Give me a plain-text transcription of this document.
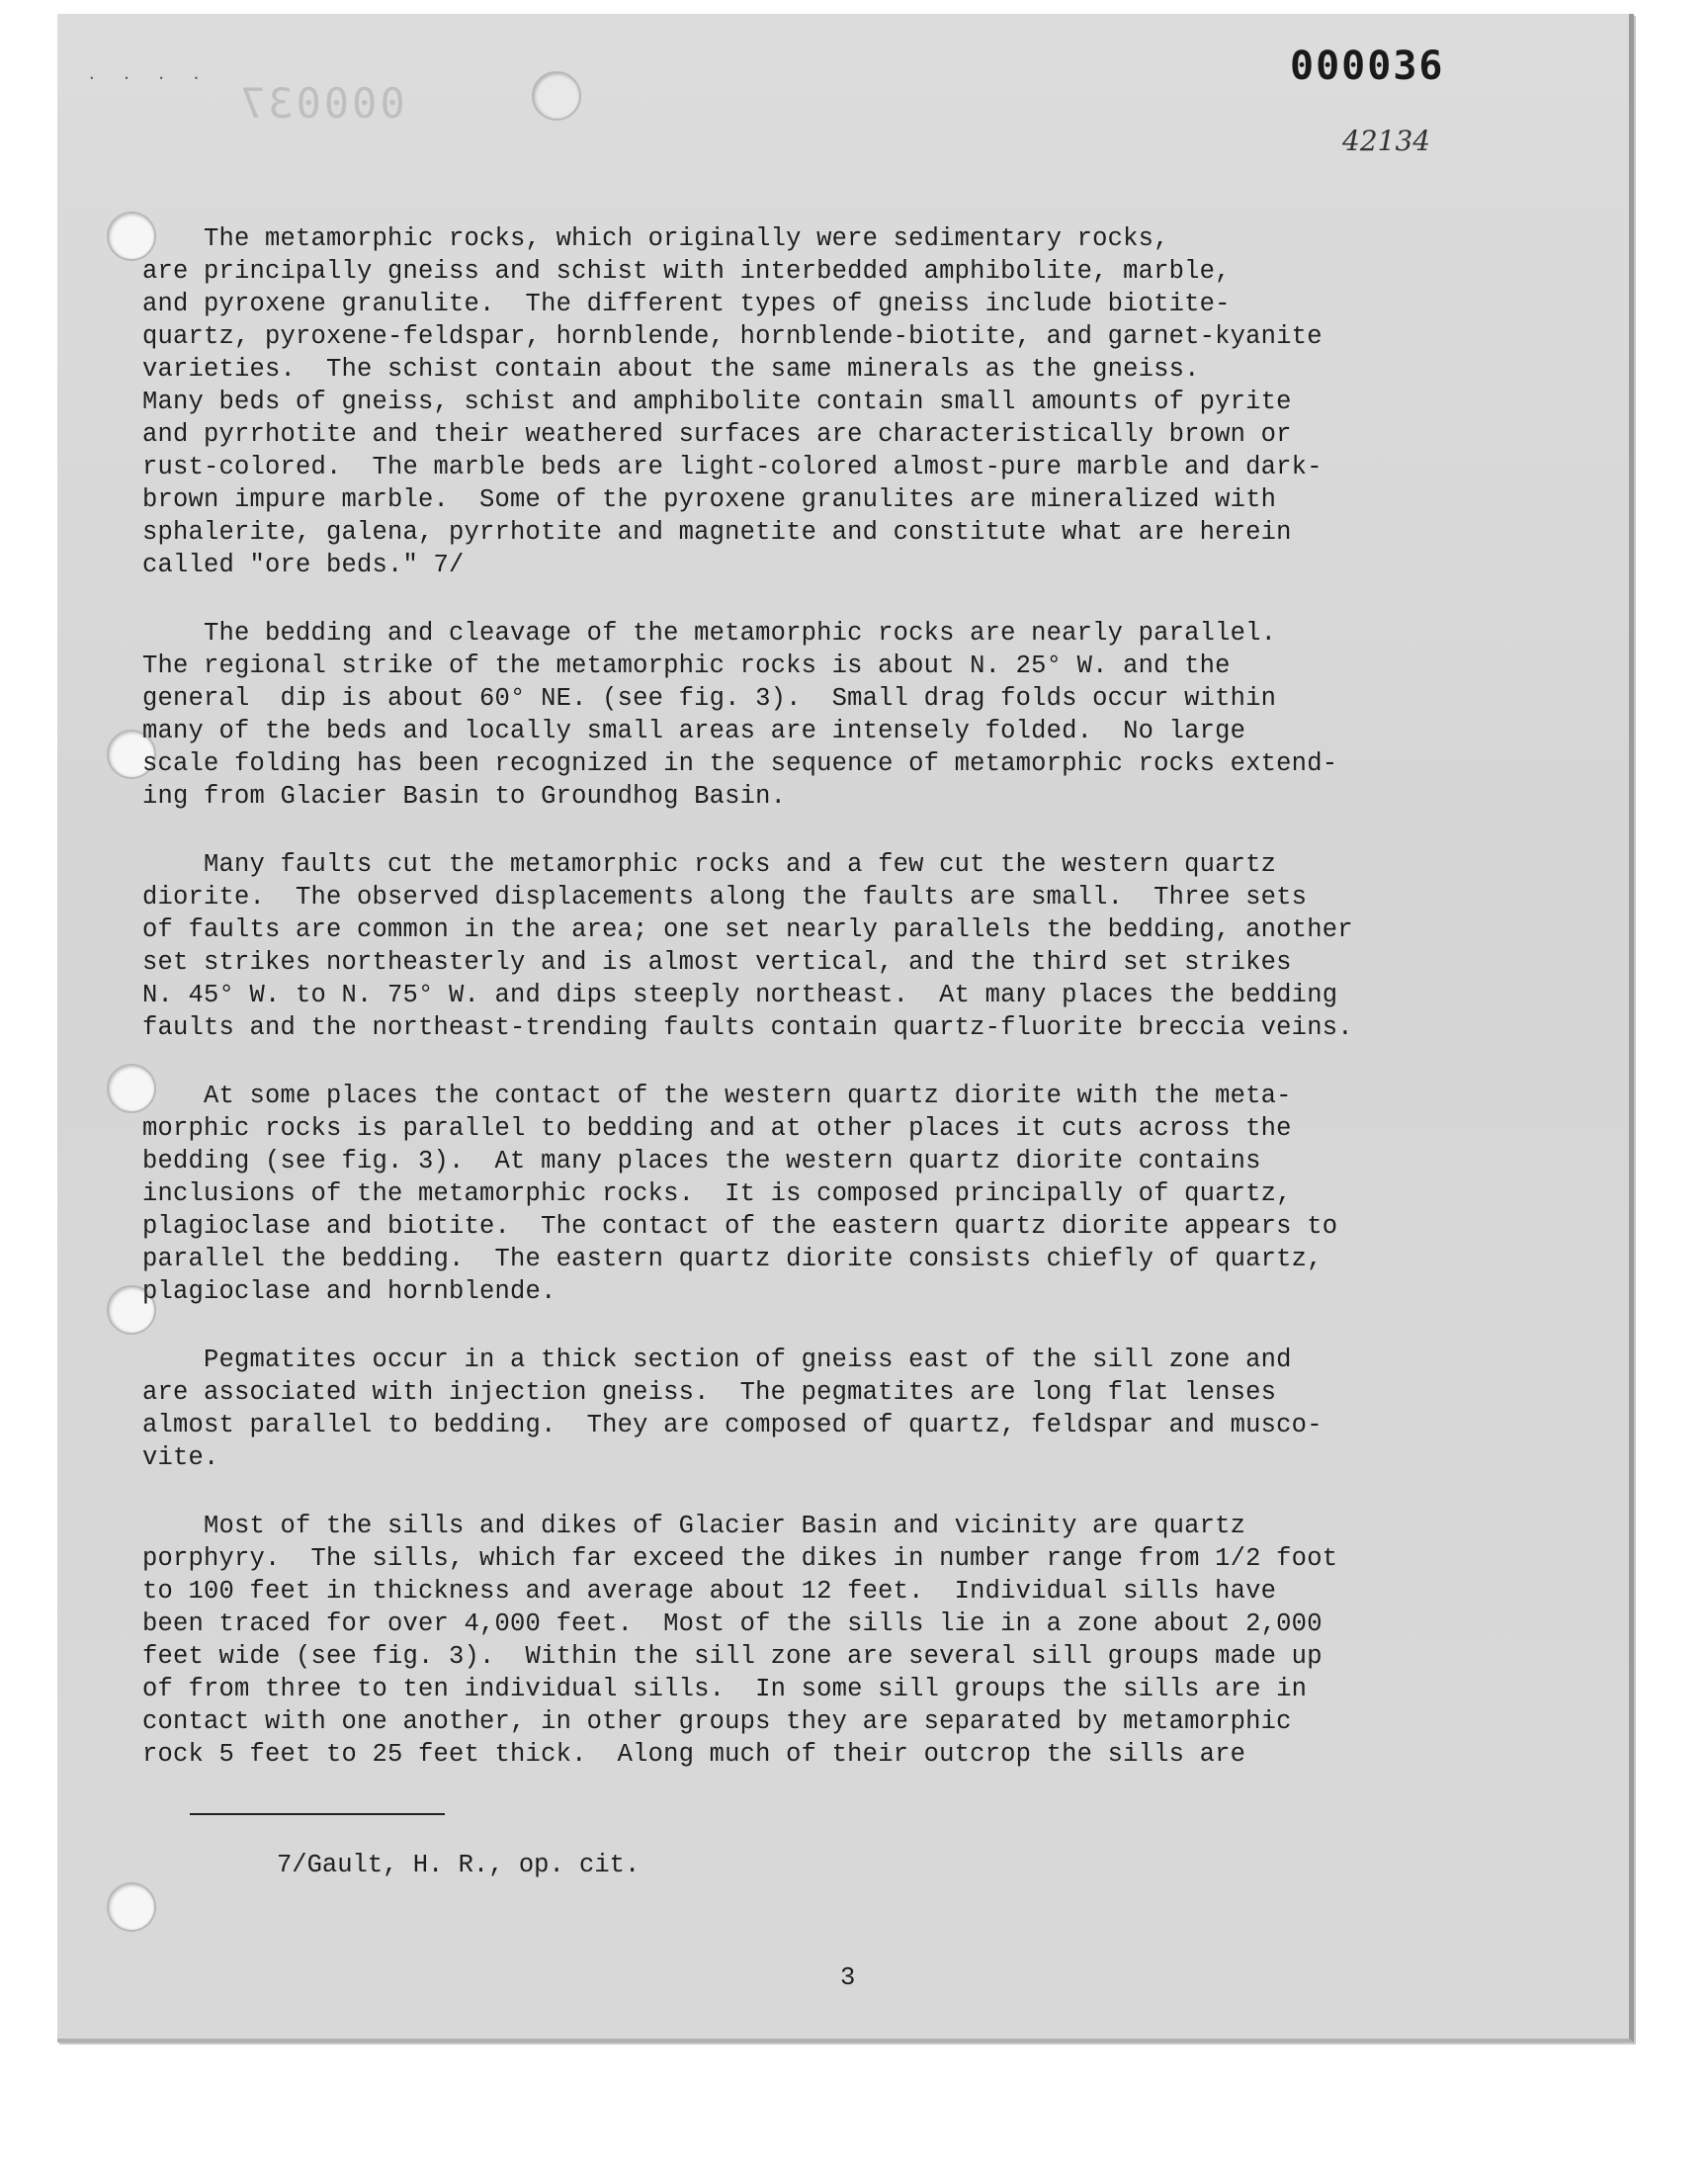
· · · ·
000037
000036
42134
The metamorphic rocks, which originally were sedimentary rocks,
are principally gneiss and schist with interbedded amphibolite, marble,
and pyroxene granulite.  The different types of gneiss include biotite-
quartz, pyroxene-feldspar, hornblende, hornblende-biotite, and garnet-kyanite
varieties.  The schist contain about the same minerals as the gneiss.
Many beds of gneiss, schist and amphibolite contain small amounts of pyrite
and pyrrhotite and their weathered surfaces are characteristically brown or
rust-colored.  The marble beds are light-colored almost-pure marble and dark-
brown impure marble.  Some of the pyroxene granulites are mineralized with
sphalerite, galena, pyrrhotite and magnetite and constitute what are herein
called "ore beds." 7/
The bedding and cleavage of the metamorphic rocks are nearly parallel.
The regional strike of the metamorphic rocks is about N. 25° W. and the
general  dip is about 60° NE. (see fig. 3).  Small drag folds occur within
many of the beds and locally small areas are intensely folded.  No large
scale folding has been recognized in the sequence of metamorphic rocks extend-
ing from Glacier Basin to Groundhog Basin.
Many faults cut the metamorphic rocks and a few cut the western quartz
diorite.  The observed displacements along the faults are small.  Three sets
of faults are common in the area; one set nearly parallels the bedding, another
set strikes northeasterly and is almost vertical, and the third set strikes
N. 45° W. to N. 75° W. and dips steeply northeast.  At many places the bedding
faults and the northeast-trending faults contain quartz-fluorite breccia veins.
At some places the contact of the western quartz diorite with the meta-
morphic rocks is parallel to bedding and at other places it cuts across the
bedding (see fig. 3).  At many places the western quartz diorite contains
inclusions of the metamorphic rocks.  It is composed principally of quartz,
plagioclase and biotite.  The contact of the eastern quartz diorite appears to
parallel the bedding.  The eastern quartz diorite consists chiefly of quartz,
plagioclase and hornblende.
Pegmatites occur in a thick section of gneiss east of the sill zone and
are associated with injection gneiss.  The pegmatites are long flat lenses
almost parallel to bedding.  They are composed of quartz, feldspar and musco-
vite.
Most of the sills and dikes of Glacier Basin and vicinity are quartz
porphyry.  The sills, which far exceed the dikes in number range from 1/2 foot
to 100 feet in thickness and average about 12 feet.  Individual sills have
been traced for over 4,000 feet.  Most of the sills lie in a zone about 2,000
feet wide (see fig. 3).  Within the sill zone are several sill groups made up
of from three to ten individual sills.  In some sill groups the sills are in
contact with one another, in other groups they are separated by metamorphic
rock 5 feet to 25 feet thick.  Along much of their outcrop the sills are
7/Gault, H. R., op. cit.
3
